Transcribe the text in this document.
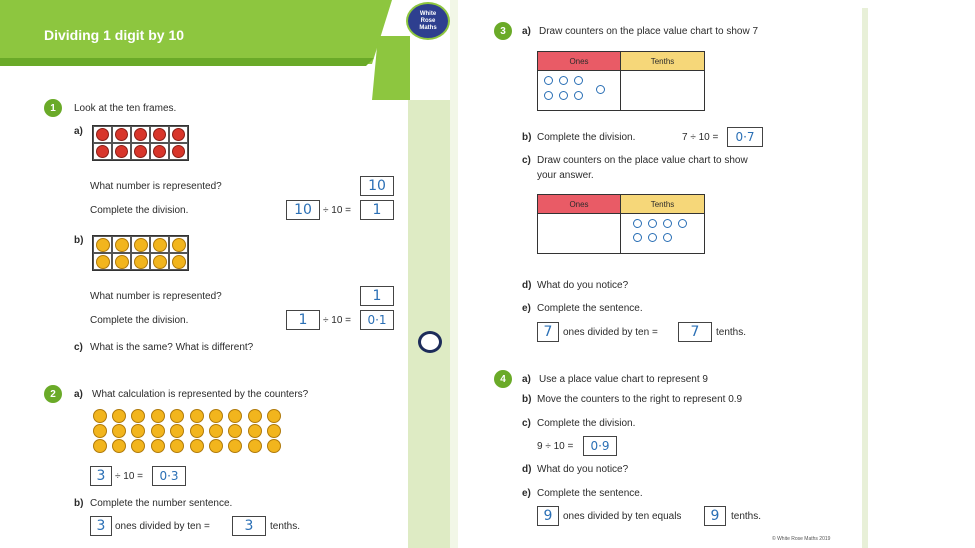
Dividing 1 digit by 10
White
Rose
Maths
1	Look at the ten frames.
a)
What number is represented?	10
Complete the division.	10	÷ 10 =	1
b)
What number is represented?	1
Complete the division.	1	÷ 10 =	0·1
c) What is the same? What is different?
2	a) What calculation is represented by the counters?
3 ÷ 10 =	0·3
b) Complete the number sentence.
3 ones divided by ten =	3	tenths.
3	a) Draw counters on the place value chart to show 7
Ones	Tenths
b) Complete the division.	7 ÷ 10 =	0·7
c) Draw counters on the place value chart to show
your answer.
Ones	Tenths
d) What do you notice?
e) Complete the sentence.
7	ones divided by ten =	7	tenths.
4	a) Use a place value chart to represent 9
b) Move the counters to the right to represent 0.9
c) Complete the division.
9 ÷ 10 =	0·9
d) What do you notice?
e) Complete the sentence.
9	ones divided by ten equals	9	tenths.
© White Rose Maths 2019
